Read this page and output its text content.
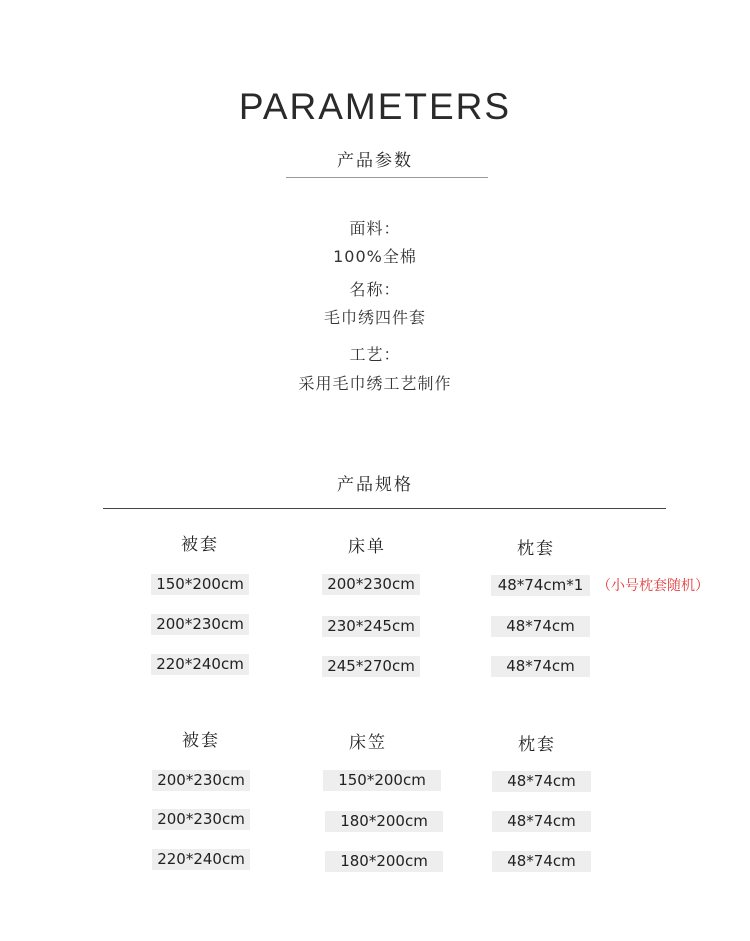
PARAMETERS
产品参数
面料：
100%全棉
名称：
毛巾绣四件套
工艺：
采用毛巾绣工艺制作
产品规格
被套	床单	枕套
150*200cm	200*230cm	48*74cm*1 （小号枕套随机）
200*230cm	230*245cm	48*74cm
220*240cm	245*270cm	48*74cm
被套	床笠	枕套
200*230cm	150*200cm	48*74cm
200*230cm	180*200cm	48*74cm
220*240cm	180*200cm	48*74cm
